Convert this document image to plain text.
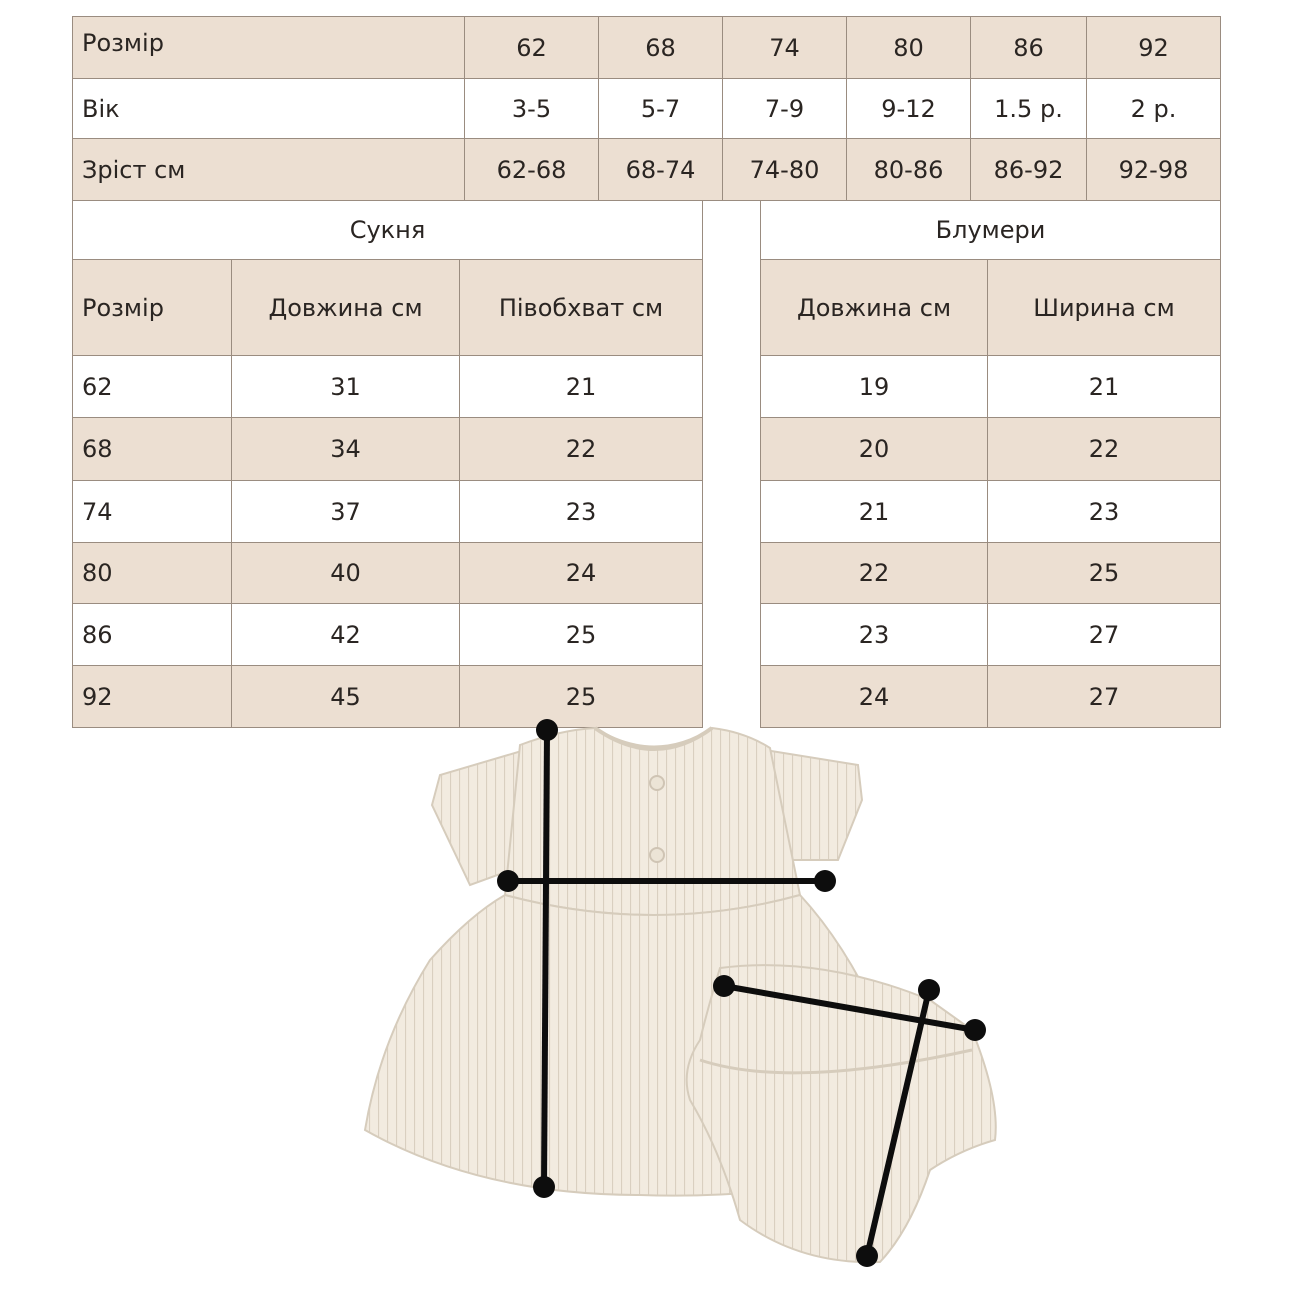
Розмір	62	68	74	80	86	92
Вік	3-5	5-7	7-9	9-12	1.5 р.	2 р.
Зріст см	62-68	68-74	74-80	80-86	86-92	92-98
Сукня		
Розмір	Довжина см	Півобхват см
62	31	21
68	34	22
74	37	23
80	40	24
86	42	25
92	45	25
Блумери	
Довжина см	Ширина см
19	21
20	22
21	23
22	25
23	27
24	27
